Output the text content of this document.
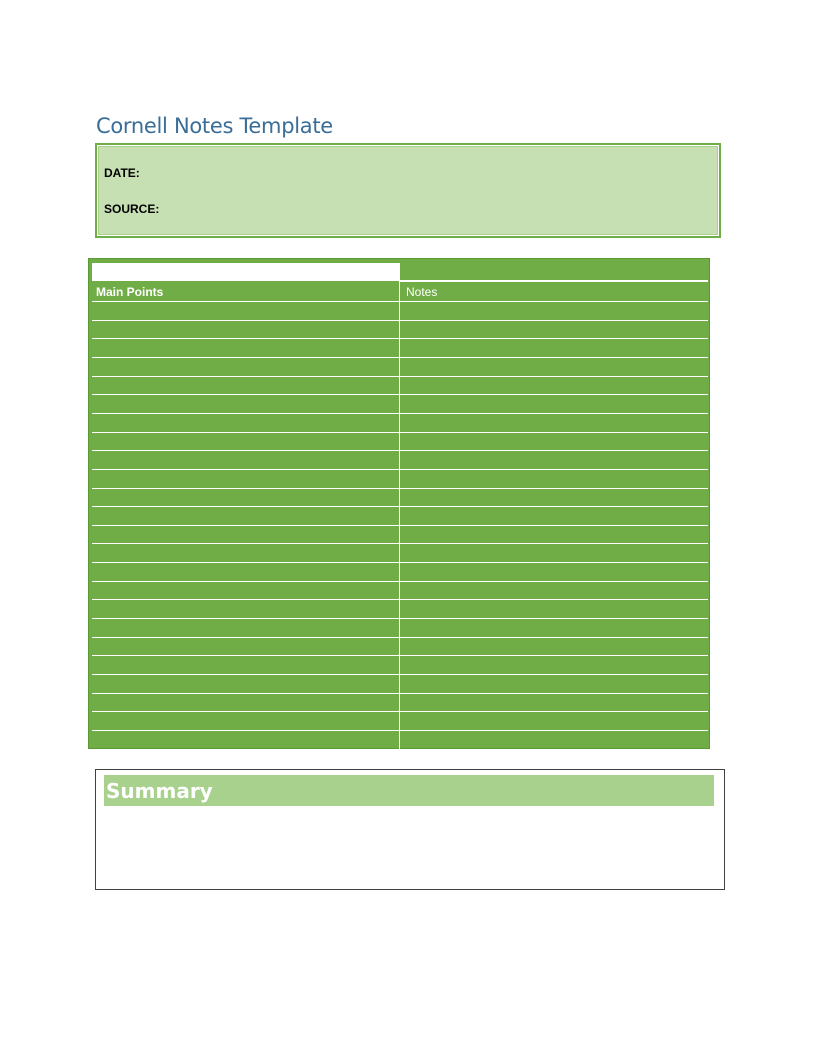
Cornell Notes Template
DATE:
SOURCE:
Main Points	Notes
Summary
